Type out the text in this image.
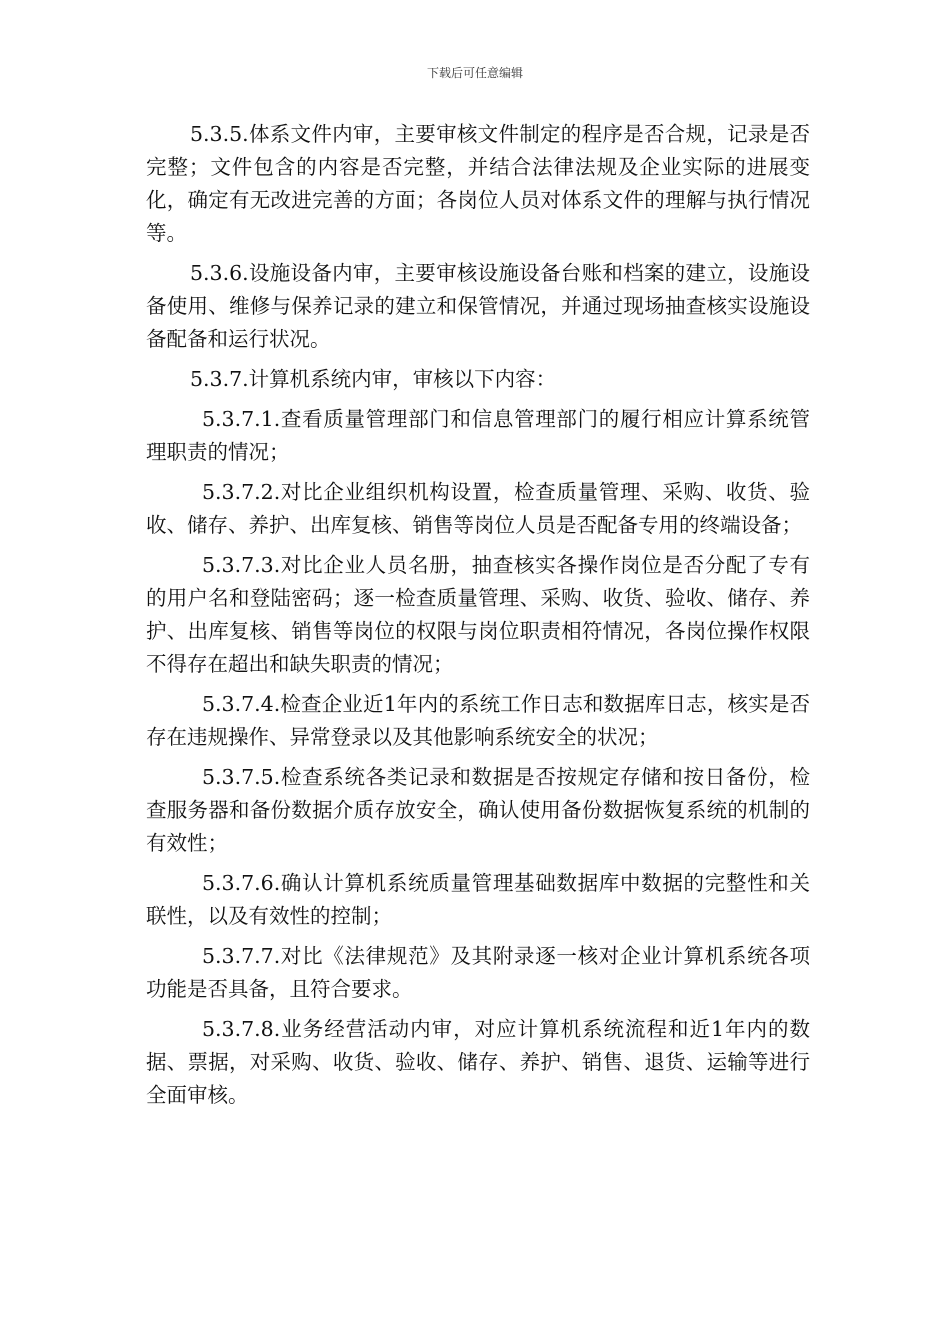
下载后可任意编辑

5.3.5.体系文件内审，主要审核文件制定的程序是否合规，记录是否完整；文件包含的内容是否完整，并结合法律法规及企业实际的进展变化，确定有无改进完善的方面；各岗位人员对体系文件的理解与执行情况等。

5.3.6.设施设备内审，主要审核设施设备台账和档案的建立，设施设备使用、维修与保养记录的建立和保管情况，并通过现场抽查核实设施设备配备和运行状况。

5.3.7.计算机系统内审，审核以下内容：

5.3.7.1.查看质量管理部门和信息管理部门的履行相应计算系统管理职责的情况；

5.3.7.2.对比企业组织机构设置，检查质量管理、采购、收货、验收、储存、养护、出库复核、销售等岗位人员是否配备专用的终端设备；

5.3.7.3.对比企业人员名册，抽查核实各操作岗位是否分配了专有的用户名和登陆密码；逐一检查质量管理、采购、收货、验收、储存、养护、出库复核、销售等岗位的权限与岗位职责相符情况，各岗位操作权限不得存在超出和缺失职责的情况；

5.3.7.4.检查企业近1年内的系统工作日志和数据库日志，核实是否存在违规操作、异常登录以及其他影响系统安全的状况；

5.3.7.5.检查系统各类记录和数据是否按规定存储和按日备份，检查服务器和备份数据介质存放安全，确认使用备份数据恢复系统的机制的有效性；

5.3.7.6.确认计算机系统质量管理基础数据库中数据的完整性和关联性，以及有效性的控制；

5.3.7.7.对比《法律规范》及其附录逐一核对企业计算机系统各项功能是否具备，且符合要求。

5.3.7.8.业务经营活动内审，对应计算机系统流程和近1年内的数据、票据，对采购、收货、验收、储存、养护、销售、退货、运输等进行全面审核。
